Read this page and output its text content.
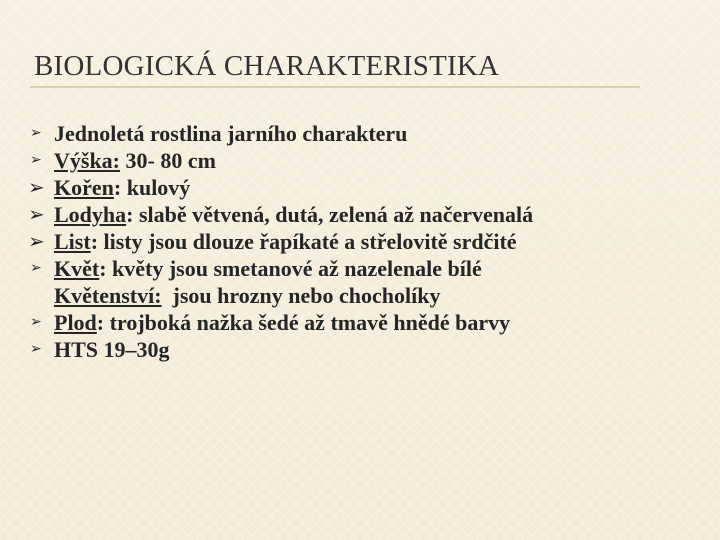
BIOLOGICKÁ CHARAKTERISTIKA
➢ Jednoletá rostlina jarního charakteru
➢ Výška: 30- 80 cm
➢ Kořen: kulový
➢ Lodyha: slabě větvená, dutá, zelená až načervenalá
➢ List: listy jsou dlouze řapíkaté a střelovitě srdčité
➢ Květ: květy jsou smetanové až nazelenale bílé
Květenství:  jsou hrozny nebo chocholíky
➢ Plod: trojboká nažka šedé až tmavě hnědé barvy
➢ HTS 19–30g
